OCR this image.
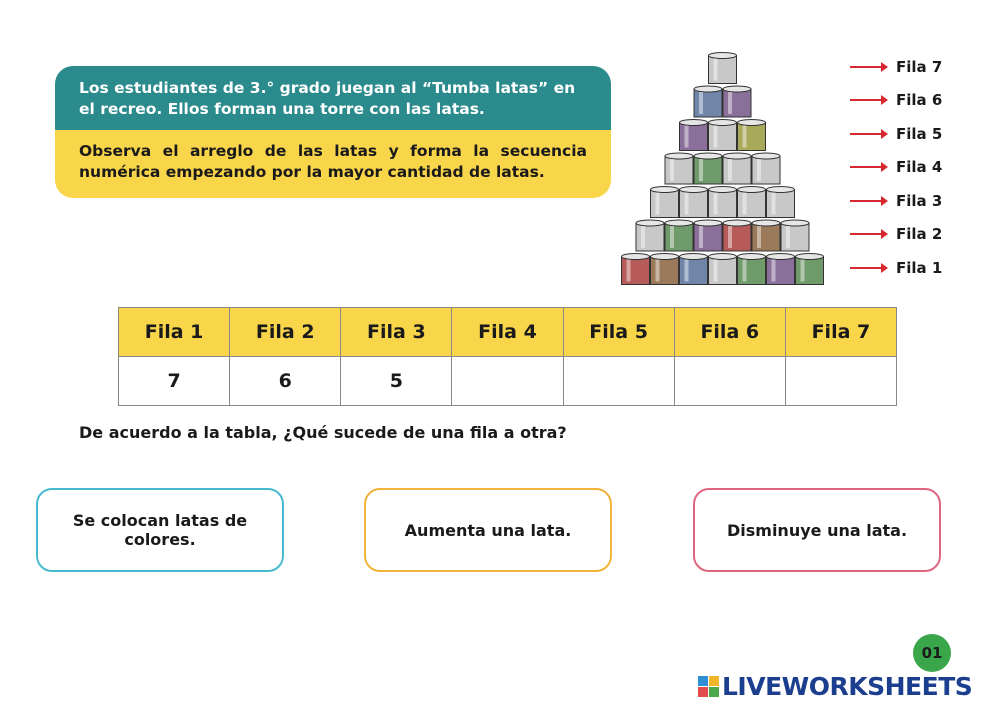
Los estudiantes de 3.° grado juegan al “Tumba latas” en el recreo. Ellos forman una torre con las latas.
Observa el arreglo de las latas y forma la secuencia numérica empezando por la mayor cantidad de latas.
Fila 7
Fila 6
Fila 5
Fila 4
Fila 3
Fila 2
Fila 1
Fila 1	Fila 2	Fila 3	Fila 4	Fila 5	Fila 6	Fila 7
7	6	5				
De acuerdo a la tabla, ¿Qué sucede de una fila a otra?
Se colocan latas de colores.	Aumenta una lata.	Disminuye una lata.
01
LIVEWORKSHEETS
